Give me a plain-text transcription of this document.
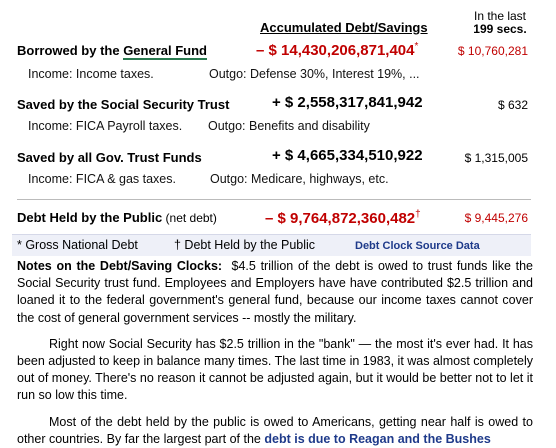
Accumulated Debt/Savings
In the last
199 secs.
Borrowed by the General Fund	– $ 14,430,206,871,404*	$ 10,760,281
Income: Income taxes.	Outgo: Defense 30%, Interest 19%, ...
Saved by the Social Security Trust	+ $ 2,558,317,841,942	$ 632
Income: FICA Payroll taxes. Outgo: Benefits and disability
Saved by all Gov. Trust Funds	+ $ 4,665,334,510,922	$ 1,315,005
Income: FICA & gas taxes.	Outgo: Medicare, highways, etc.
Debt Held by the Public (net debt)	– $ 9,764,872,360,482†	$ 9,445,276
* Gross National Debt	† Debt Held by the Public	Debt Clock Source Data

Notes on the Debt/Saving Clocks: $4.5 trillion of the debt is owed to trust funds like the Social Security trust fund. Employees and Employers have have contributed $2.5 trillion and loaned it to the federal government's general fund, because our income taxes cannot cover the cost of general government services -- mostly the military.

Right now Social Security has $2.5 trillion in the "bank" — the most it's ever had. It has been adjusted to keep in balance many times. The last time in 1983, it was almost completely out of money. There's no reason it cannot be adjusted again, but it would be better not to let it run so low this time.

Most of the debt held by the public is owed to Americans, getting near half is owed to other countries. By far the largest part of the debt is due to Reagan and the Bushes
